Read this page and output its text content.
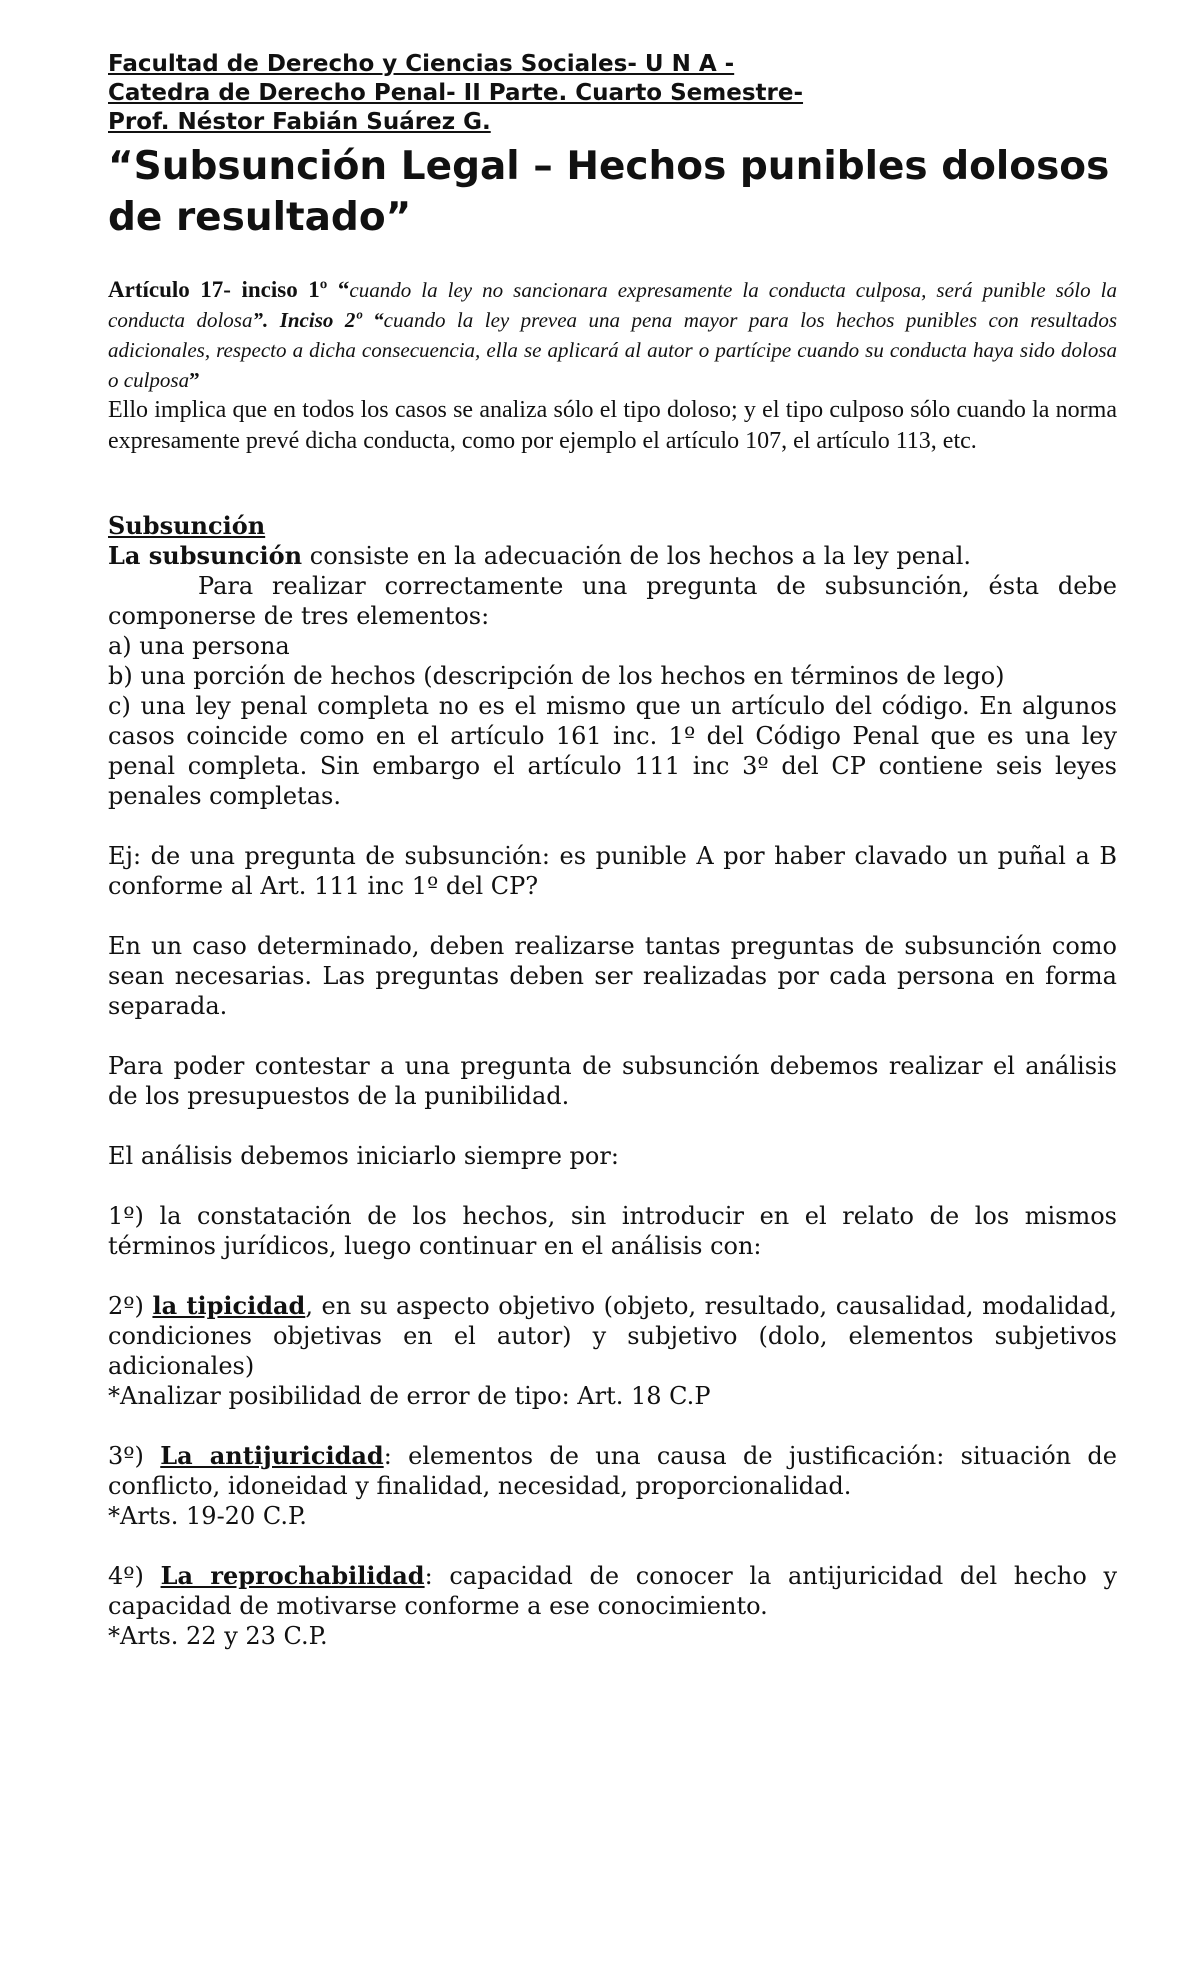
Facultad de Derecho y Ciencias Sociales- U N A -
Catedra de Derecho Penal- II Parte. Cuarto Semestre-
Prof. Néstor Fabián Suárez G.
“Subsunción Legal – Hechos punibles dolosos de resultado”

Artículo 17- inciso 1º “cuando la ley no sancionara expresamente la conducta culposa, será punible sólo la conducta dolosa”. Inciso 2º “cuando la ley prevea una pena mayor para los hechos punibles con resultados adicionales, respecto a dicha consecuencia, ella se aplicará al autor o partícipe cuando su conducta haya sido dolosa o culposa”

Ello implica que en todos los casos se analiza sólo el tipo doloso; y el tipo culposo sólo cuando la norma expresamente prevé dicha conducta, como por ejemplo el artículo 107, el artículo 113, etc.

Subsunción

La subsunción consiste en la adecuación de los hechos a la ley penal.

Para realizar correctamente una pregunta de subsunción, ésta debe componerse de tres elementos:

a) una persona

b) una porción de hechos (descripción de los hechos en términos de lego)

c) una ley penal completa no es el mismo que un artículo del código. En algunos casos coincide como en el artículo 161 inc. 1º del Código Penal que es una ley penal completa. Sin embargo el artículo 111 inc 3º del CP contiene seis leyes penales completas.

Ej: de una pregunta de subsunción: es punible A por haber clavado un puñal a B conforme al Art. 111 inc 1º del CP?

En un caso determinado, deben realizarse tantas preguntas de subsunción como sean necesarias. Las preguntas deben ser realizadas por cada persona en forma separada.

Para poder contestar a una pregunta de subsunción debemos realizar el análisis de los presupuestos de la punibilidad.

El análisis debemos iniciarlo siempre por:

1º) la constatación de los hechos, sin introducir en el relato de los mismos términos jurídicos, luego continuar en el análisis con:

2º) la tipicidad, en su aspecto objetivo (objeto, resultado, causalidad, modalidad, condiciones objetivas en el autor) y subjetivo (dolo, elementos subjetivos adicionales)

*Analizar posibilidad de error de tipo: Art. 18 C.P

3º) La antijuricidad: elementos de una causa de justificación: situación de conflicto, idoneidad y finalidad, necesidad, proporcionalidad.

*Arts. 19-20 C.P.

4º) La reprochabilidad: capacidad de conocer la antijuricidad del hecho y capacidad de motivarse conforme a ese conocimiento.

*Arts. 22 y 23 C.P.
